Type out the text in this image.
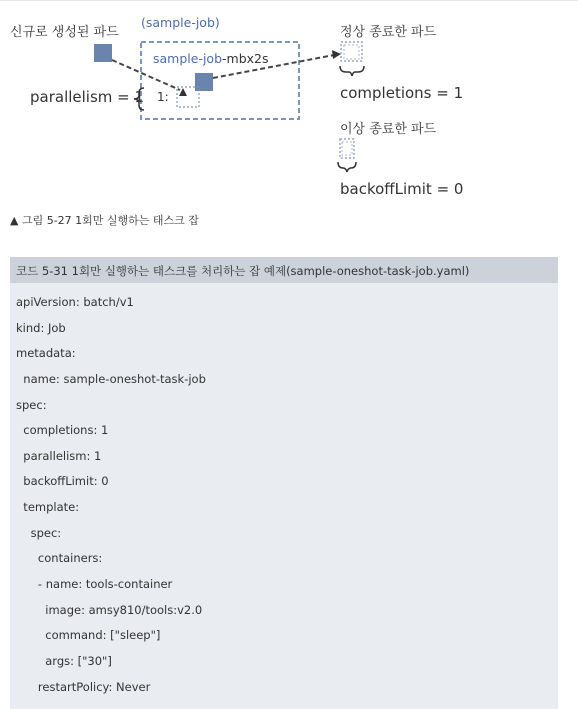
(sample-job)
신규로 생성된 파드
sample-job-mbx2s
parallelism = 1 1:
정상 종료한 파드
completions = 1
이상 종료한 파드
backoffLimit = 0
▲ 그림 5-27 1회만 실행하는 태스크 잡
코드 5-31 1회만 실행하는 태스크를 처리하는 잡 예제(sample-oneshot-task-job.yaml)
apiVersion: batch/v1
kind: Job
metadata:
name: sample-oneshot-task-job
spec:
completions: 1
parallelism: 1
backoffLimit: 0
template:
spec:
containers:
- name: tools-container
image: amsy810/tools:v2.0
command: ["sleep"]
args: ["30"]
restartPolicy: Never
